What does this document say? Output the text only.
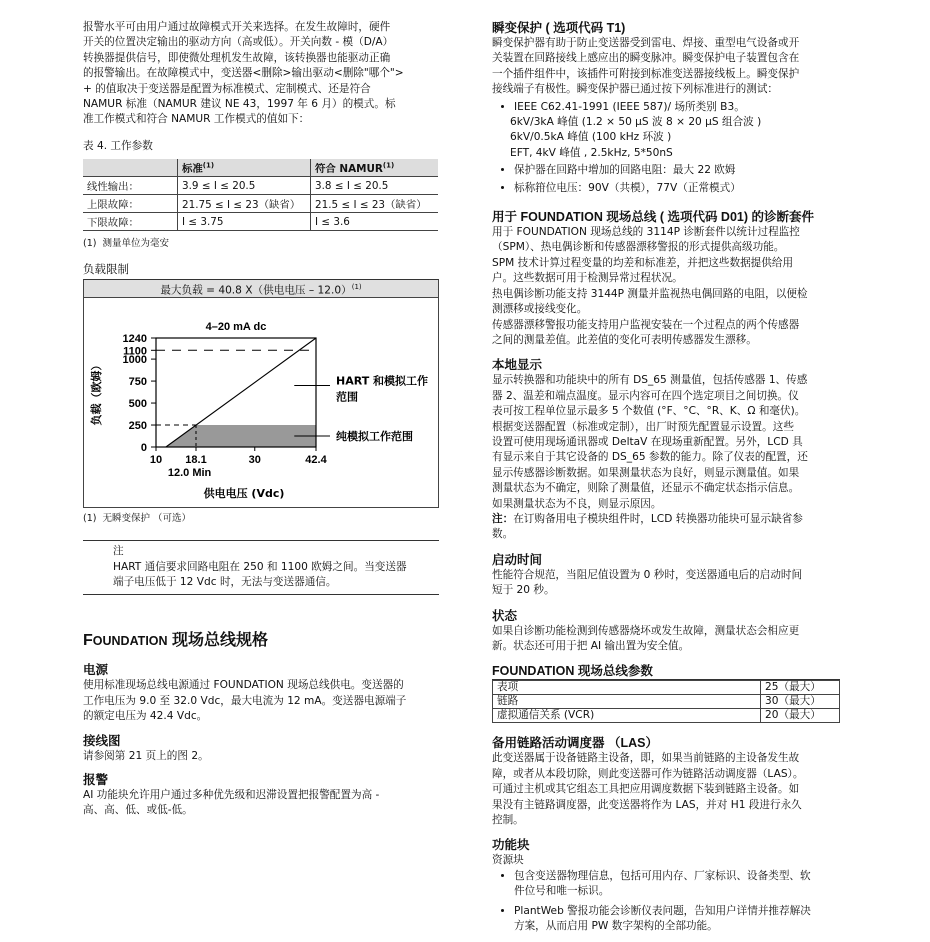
报警水平可由用户通过故障模式开关来选择。在发生故障时，硬件

开关的位置决定输出的驱动方向（高或低）。开关向数 - 模（D/A）

转换器提供信号，即使微处理机发生故障，该转换器也能驱动正确

的报警输出。在故障模式中，变送器<删除>输出驱动<删除"哪个">

+ 的值取决于变送器是配置为标准模式、定制模式、还是符合

NAMUR 标准（NAMUR 建议 NE 43，1997 年 6 月）的模式。标

准工作模式和符合 NAMUR 工作模式的值如下：

表 4. 工作参数

	标准$^{(1)}$	符合 NAMUR$^{(1)}$
线性输出：	3.9 ≤ I ≤ 20.5	3.8 ≤ I ≤ 20.5
上限故障：	21.75 ≤ I ≤ 23（缺省）	21.5 ≤ I ≤ 23（缺省）
下限故障：	I ≤ 3.75	I ≤ 3.6

(1) 测量单位为毫安

负载限制

最大负载 = 40.8 X（供电电压 – 12.0）$^{(1)}$
0
250
500
750
1000
1100
1240
10 18.1	30	42.4
12.0 Min
4–20 mA dc
供电电压 (Vdc)
负载（欧姆）	HART 和模拟工作
范围
纯模拟工作范围

(1) 无瞬变保护 （可选）

注

HART 通信要求回路电阻在 250 和 1100 欧姆之间。当变送器

端子电压低于 12 Vdc 时，无法与变送器通信。

FOUNDATION 现场总线规格

电源

使用标准现场总线电源通过 FOUNDATION 现场总线供电。变送器的

工作电压为 9.0 至 32.0 Vdc，最大电流为 12 mA。变送器电源端子

的额定电压为 42.4 Vdc。

接线图

请参阅第 21 页上的图 2。

报警

AI 功能块允许用户通过多种优先级和迟滞设置把报警配置为高 -

高、高、低、或低-低。

瞬变保护 ( 选项代码 T1)

瞬变保护器有助于防止变送器受到雷电、焊接、重型电气设备或开

关装置在回路接线上感应出的瞬变脉冲。瞬变保护电子装置包含在

一个插件组件中，该插件可附接到标准变送器接线板上。瞬变保护

接线端子有极性。瞬变保护器已通过按下列标准进行的测试：

• IEEE C62.41-1991 (IEEE 587)/ 场所类别 B3。
6kV/3kA 峰值 (1.2 × 50 µS 波 8 × 20 µS 组合波 )
6kV/0.5kA 峰值 (100 kHz 环波 )
EFT, 4kV 峰值 , 2.5kHz, 5*50nS
• 保护器在回路中增加的回路电阻：最大 22 欧姆
• 标称箝位电压：90V（共模），77V（正常模式）

用于 FOUNDATION 现场总线 ( 选项代码 D01) 的诊断套件

用于 FOUNDATION 现场总线的 3114P 诊断套件以统计过程监控

（SPM）、热电偶诊断和传感器漂移警报的形式提供高级功能。

SPM 技术计算过程变量的均差和标准差，并把这些数据提供给用

户。这些数据可用于检测异常过程状况。

热电偶诊断功能支持 3144P 测量并监视热电偶回路的电阻，以便检

测漂移或接线变化。

传感器漂移警报功能支持用户监视安装在一个过程点的两个传感器

之间的测量差值。此差值的变化可表明传感器发生漂移。

本地显示

显示转换器和功能块中的所有 DS_65 测量值，包括传感器 1、传感

器 2、温差和端点温度。显示内容可在四个选定项目之间切换。仪

表可按工程单位显示最多 5 个数值 (°F、°C、°R、K、Ω 和毫伏)。

根据变送器配置（标准或定制），出厂时预先配置显示设置。这些

设置可使用现场通讯器或 DeltaV 在现场重新配置。另外，LCD 具

有显示来自于其它设备的 DS_65 参数的能力。除了仪表的配置，还

显示传感器诊断数据。如果测量状态为良好，则显示测量值。如果

测量状态为不确定，则除了测量值，还显示不确定状态指示信息。

如果测量状态为不良，则显示原因。

注：在订购备用电子模块组件时，LCD 转换器功能块可显示缺省参

数。

启动时间

性能符合规范，当阻尼值设置为 0 秒时，变送器通电后的启动时间

短于 20 秒。

状态

如果自诊断功能检测到传感器烧坏或发生故障，测量状态会相应更

新。状态还可用于把 AI 输出置为安全值。

FOUNDATION 现场总线参数

表项	25（最大）
链路	30（最大）
虚拟通信关系 (VCR)	20（最大）

备用链路活动调度器 （LAS）

此变送器属于设备链路主设备，即，如果当前链路的主设备发生故

障，或者从本段切除，则此变送器可作为链路活动调度器（LAS）。

可通过主机或其它组态工具把应用调度数据下装到链路主设备。如

果没有主链路调度器，此变送器将作为 LAS，并对 H1 段进行永久

控制。

功能块

资源块

• 包含变送器物理信息，包括可用内存、厂家标识、设备类型、软
件位号和唯一标识。
• PlantWeb 警报功能会诊断仪表问题，告知用户详情并推荐解决
方案，从而启用 PW 数字架构的全部功能。
